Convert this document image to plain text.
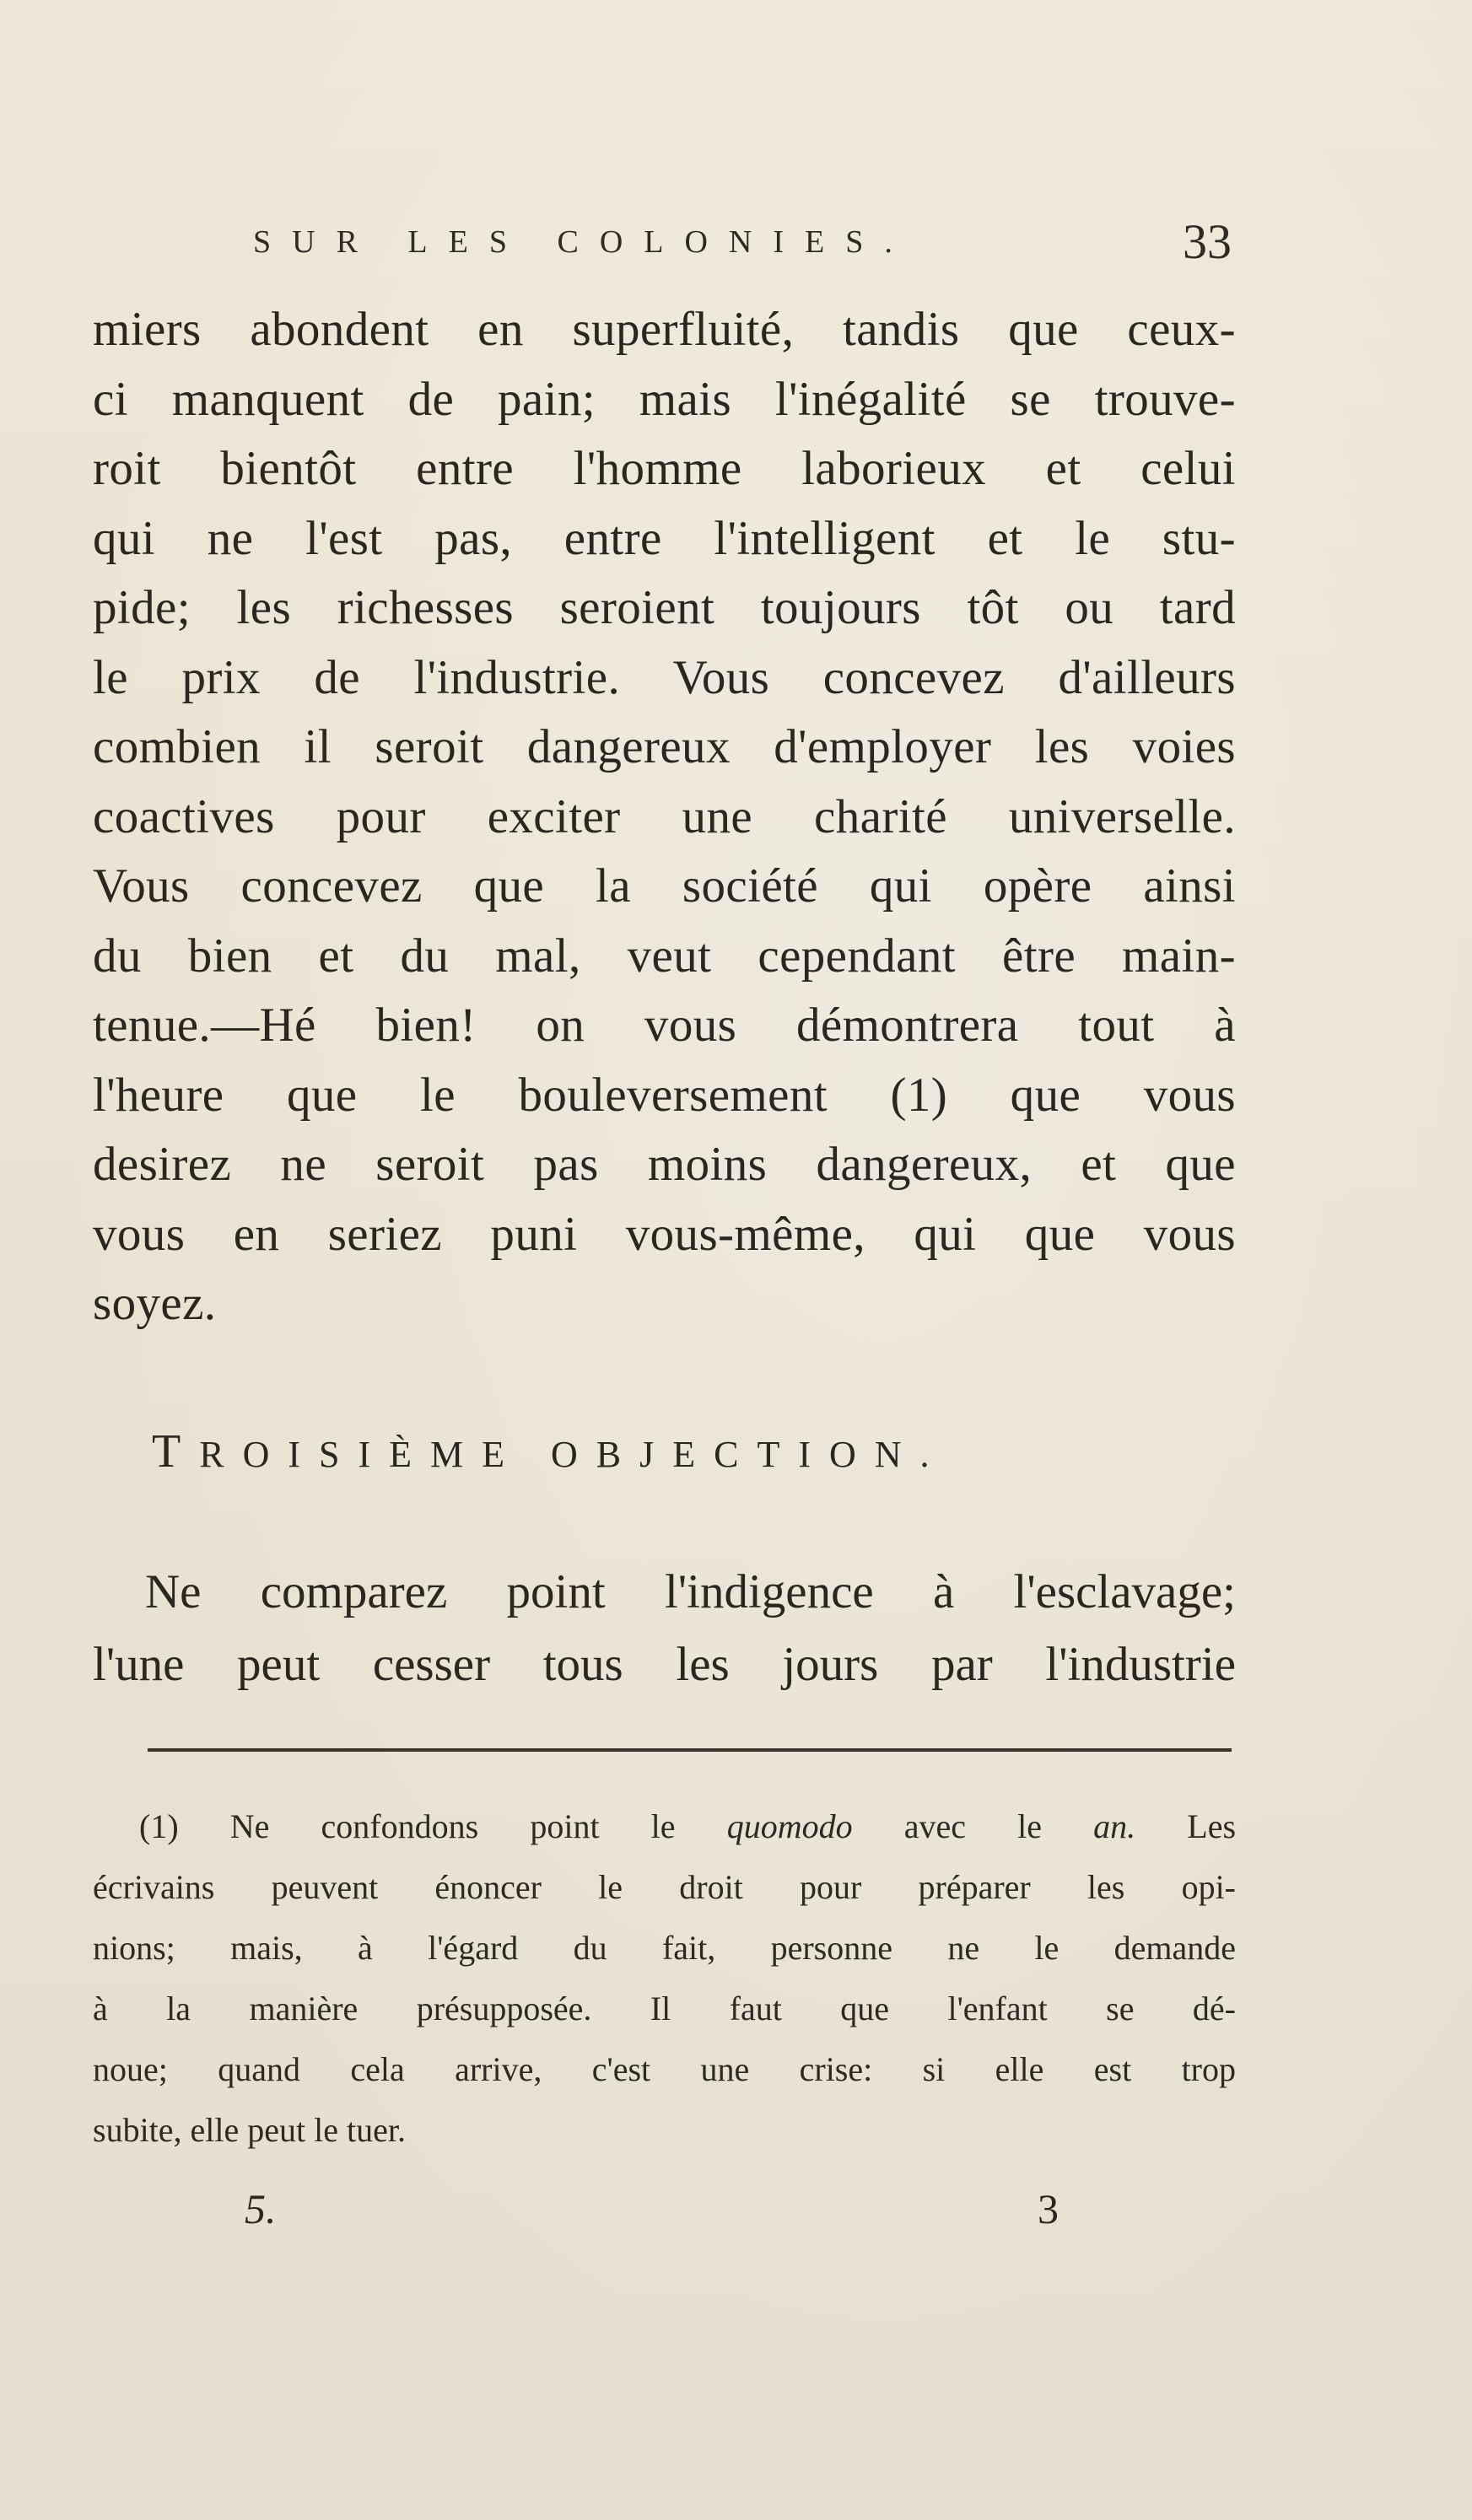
SUR LES COLONIES.	33
miers abondent en superfluité, tandis que ceux-
ci manquent de pain; mais l'inégalité se trouve-
roit bientôt entre l'homme laborieux et celui
qui ne l'est pas, entre l'intelligent et le stu-
pide; les richesses seroient toujours tôt ou tard
le prix de l'industrie. Vous concevez d'ailleurs
combien il seroit dangereux d'employer les voies
coactives pour exciter une charité universelle.
Vous concevez que la société qui opère ainsi
du bien et du mal, veut cependant être main-
tenue.—Hé bien! on vous démontrera tout à
l'heure que le bouleversement (1) que vous
desirez ne seroit pas moins dangereux, et que
vous en seriez puni vous-même, qui que vous
soyez.
TROISIÈME OBJECTION.
Ne comparez point l'indigence à l'esclavage;
l'une peut cesser tous les jours par l'industrie
(1) Ne confondons point le quomodo avec le an. Les
écrivains peuvent énoncer le droit pour préparer les opi-
nions; mais, à l'égard du fait, personne ne le demande
à la manière présupposée. Il faut que l'enfant se dé-
noue; quand cela arrive, c'est une crise: si elle est trop
subite, elle peut le tuer.
5.	3
